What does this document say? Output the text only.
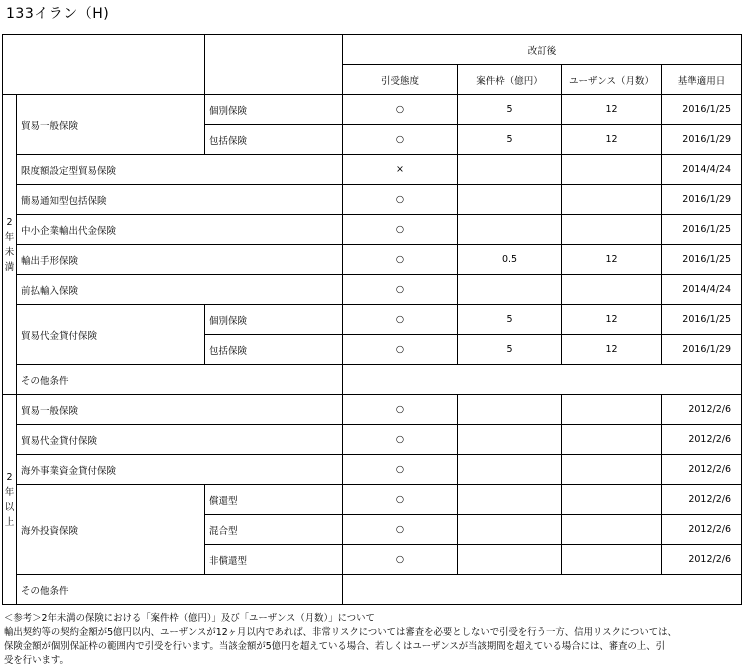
133イラン（H)
			改訂後			
			引受態度	案件枠（億円）	ユーザンス（月数）	基準適用日

2
年
未
満	貿易一般保険	個別保険	○	5	12	2016/1/25
		包括保険	○	5	12	2016/1/29
	限度額設定型貿易保険		×			2014/4/24
	簡易通知型包括保険		○			2016/1/29
	中小企業輸出代金保険		○			2016/1/25
	輸出手形保険		○	0.5	12	2016/1/25
	前払輸入保険		○			2014/4/24
	貿易代金貸付保険	個別保険	○	5	12	2016/1/25
		包括保険	○	5	12	2016/1/29
	その他条件					

2
年
以
上	貿易一般保険		○			2012/2/6
	貿易代金貸付保険		○			2012/2/6
	海外事業資金貸付保険		○			2012/2/6
	海外投資保険	償還型	○			2012/2/6
		混合型	○			2012/2/6
		非償還型	○			2012/2/6
	その他条件					
＜参考＞2年未満の保険における「案件枠（億円）」及び「ユーザンス（月数）」について
輸出契約等の契約金額が5億円以内、ユーザンスが12ヶ月以内であれば、非常リスクについては審査を必要としないで引受を行う一方、信用リスクについては、
保険金額が個別保証枠の範囲内で引受を行います。当該金額が5億円を超えている場合、若しくはユーザンスが当該期間を超えている場合には、審査の上、引
受を行います。
